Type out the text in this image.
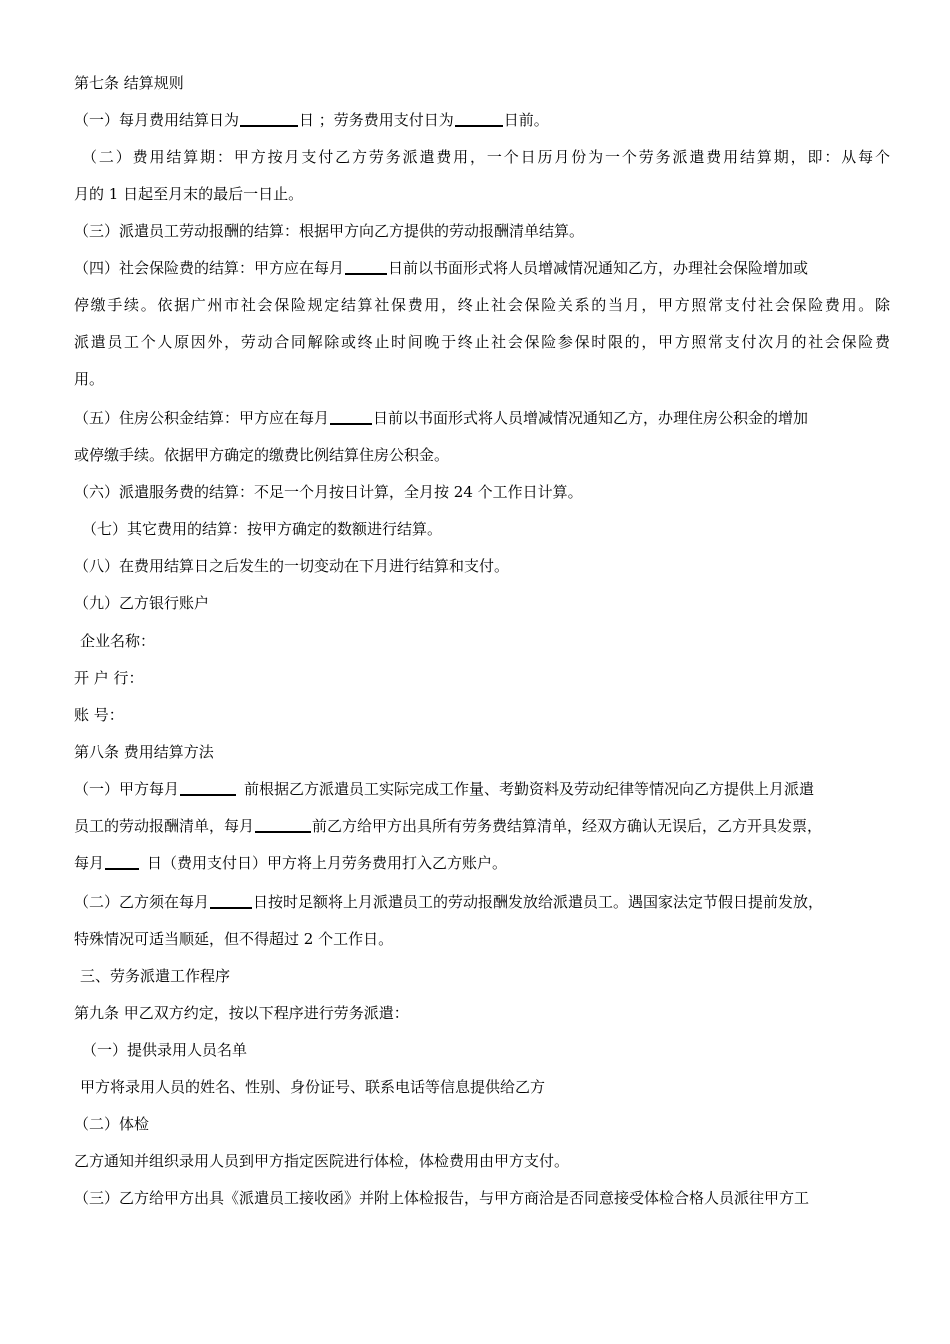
第七条 结算规则
（一）每月费用结算日为	日 ；劳务费用支付日为	日前。
（二）费用结算期：甲方按月支付乙方劳务派遣费用，一个日历月份为一个劳务派遣费用结算期，即：从每个
月的 1 日起至月末的最后一日止。
（三）派遣员工劳动报酬的结算：根据甲方向乙方提供的劳动报酬清单结算。
（四）社会保险费的结算：甲方应在每月	日前以书面形式将人员增减情况通知乙方，办理社会保险增加或
停缴手续。依据广州市社会保险规定结算社保费用，终止社会保险关系的当月，甲方照常支付社会保险费用。除
派遣员工个人原因外，劳动合同解除或终止时间晚于终止社会保险参保时限的，甲方照常支付次月的社会保险费
用。
（五）住房公积金结算：甲方应在每月	日前以书面形式将人员增减情况通知乙方，办理住房公积金的增加
或停缴手续。依据甲方确定的缴费比例结算住房公积金。
（六）派遣服务费的结算：不足一个月按日计算，全月按 24 个工作日计算。
（七）其它费用的结算：按甲方确定的数额进行结算。
（八）在费用结算日之后发生的一切变动在下月进行结算和支付。
（九）乙方银行账户
企业名称：
开 户 行：
账 号：
第八条 费用结算方法
（一）甲方每月	前根据乙方派遣员工实际完成工作量、考勤资料及劳动纪律等情况向乙方提供上月派遣
员工的劳动报酬清单，每月	前乙方给甲方出具所有劳务费结算清单，经双方确认无误后，乙方开具发票，
每月	日（费用支付日）甲方将上月劳务费用打入乙方账户。
（二）乙方须在每月	日按时足额将上月派遣员工的劳动报酬发放给派遣员工。遇国家法定节假日提前发放，
特殊情况可适当顺延，但不得超过 2 个工作日。
三、劳务派遣工作程序
第九条 甲乙双方约定，按以下程序进行劳务派遣：
（一）提供录用人员名单
甲方将录用人员的姓名、性别、身份证号、联系电话等信息提供给乙方
（二）体检
乙方通知并组织录用人员到甲方指定医院进行体检，体检费用由甲方支付。
（三）乙方给甲方出具《派遣员工接收函》并附上体检报告，与甲方商洽是否同意接受体检合格人员派往甲方工
